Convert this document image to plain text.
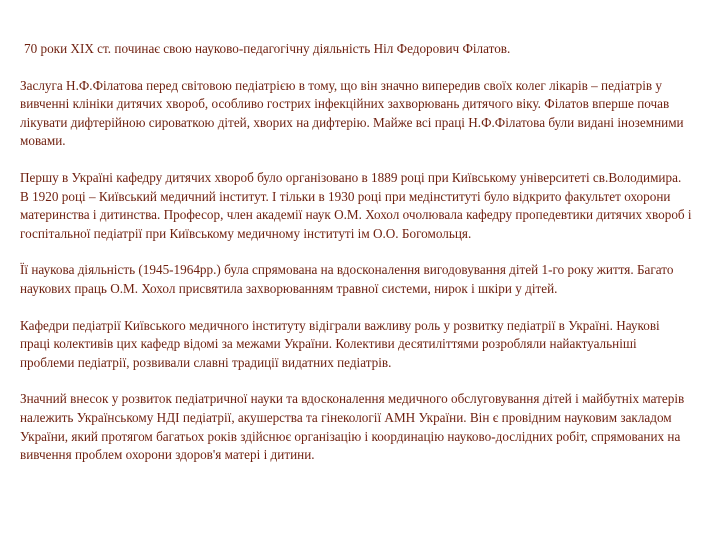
70 роки XIX ст. починає свою науково-педагогічну діяльність Ніл Федорович Філатов.

Заслуга Н.Ф.Філатова перед світовою педіатрією в тому, що він значно випередив своїх колег лікарів – педіатрів у вивченні клініки дитячих хвороб, особливо гострих інфекційних захворювань дитячого віку. Філатов вперше почав лікувати дифтерійною сироваткою дітей, хворих на дифтерію. Майже всі праці Н.Ф.Філатова були видані іноземними мовами.

Першу в Україні кафедру дитячих хвороб було організовано в 1889 році при Київському університеті св.Володимира. В 1920 році – Київський медичний інститут. І тільки в 1930 році при медінституті було відкрито факультет охорони материнства і дитинства. Професор, член академії наук О.М. Хохол очолювала кафедру пропедевтики дитячих хвороб і госпітальної педіатрії при Київському медичному інституті ім О.О. Богомольця.

Її наукова діяльність (1945-1964рр.) була спрямована на вдосконалення вигодовування дітей 1-го року життя. Багато наукових праць О.М. Хохол присвятила захворюванням травної системи, нирок і шкіри у дітей.

Кафедри педіатрії Київського медичного інституту відіграли важливу роль у розвитку педіатрії в Україні. Наукові праці колективів цих кафедр відомі за межами України. Колективи десятиліттями розробляли найактуальніші проблеми педіатрії, розвивали славні традиції видатних педіатрів.

Значний внесок у розвиток педіатричної науки та вдосконалення медичного обслуговування дітей і майбутніх матерів належить Українському НДІ педіатрії, акушерства та гінекології АМН України. Він є провідним науковим закладом України, який протягом багатьох років здійснює організацію і координацію науково-дослідних робіт, спрямованих на вивчення проблем охорони здоров'я матері і дитини.
